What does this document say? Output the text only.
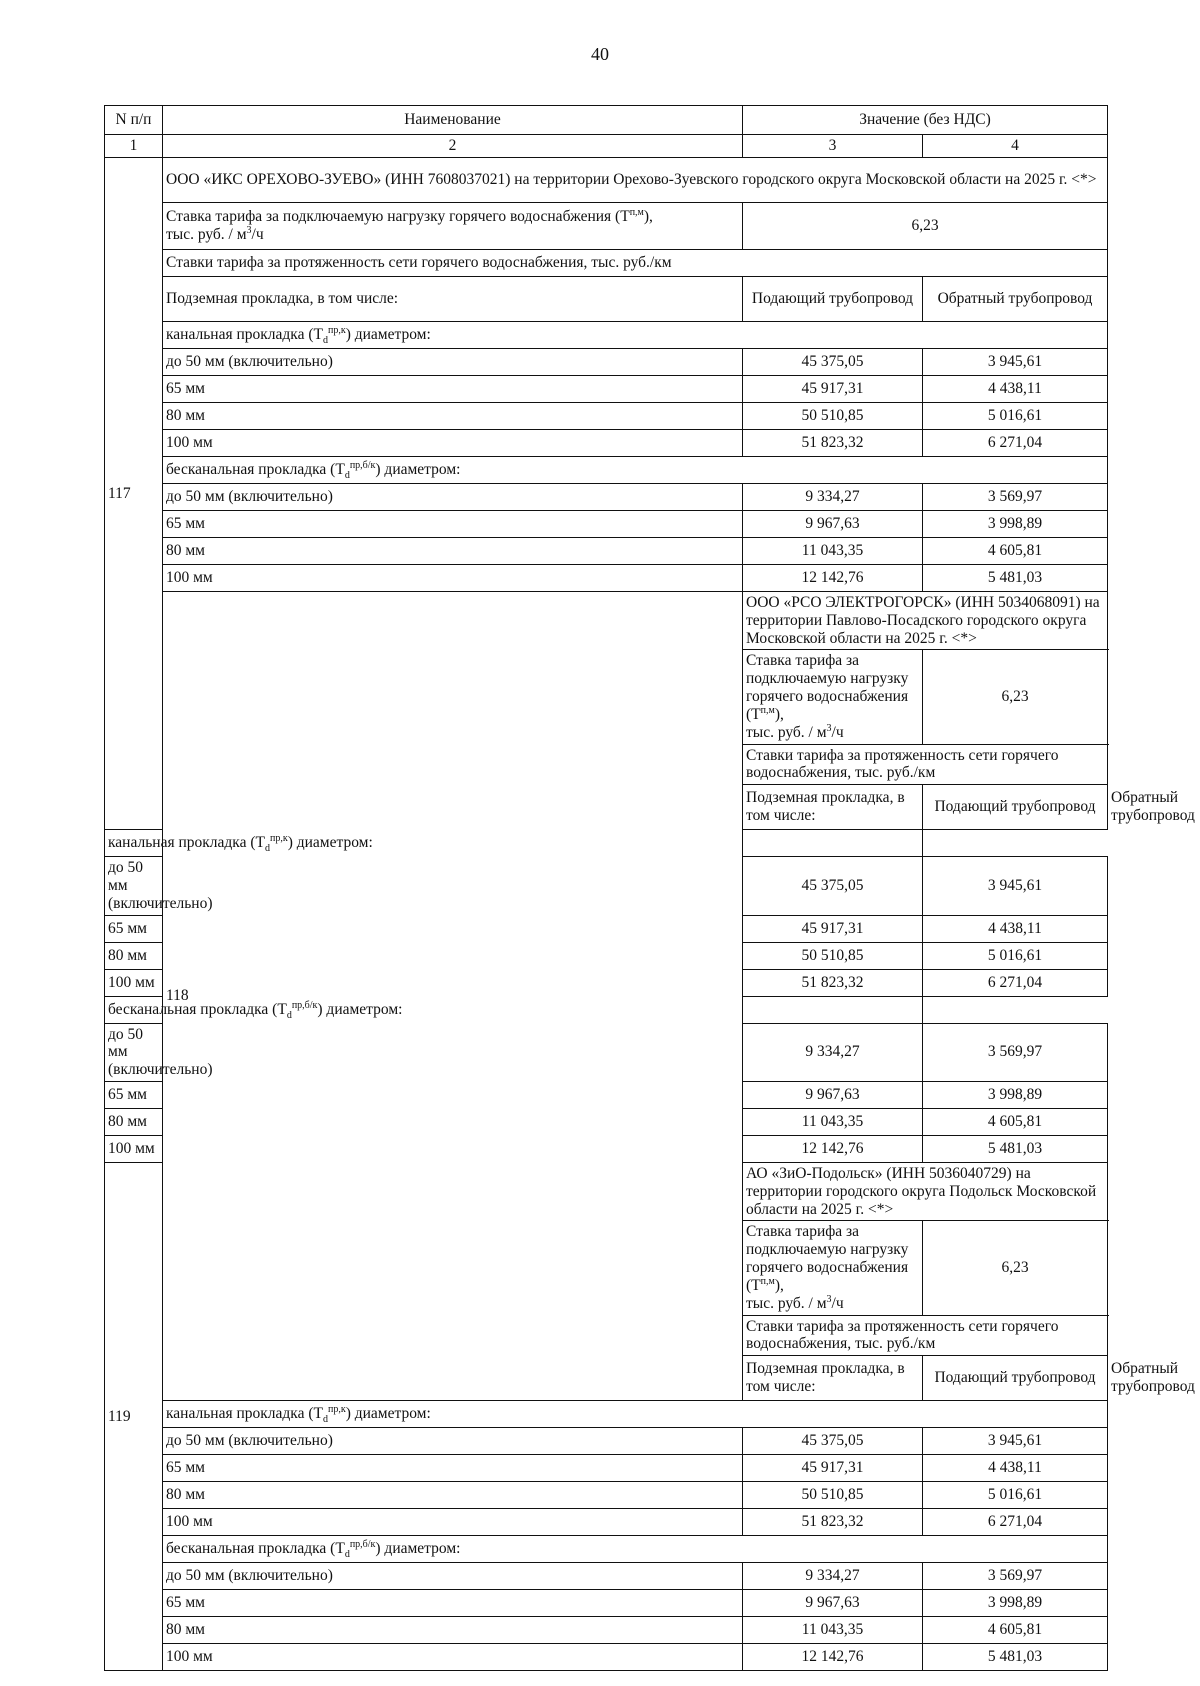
40
N п/п	Наименование	Значение (без НДС)		
1	2	3	4	
117	ООО «ИКС ОРЕХОВО-ЗУЕВО» (ИНН 7608037021) на территории Орехово-Зуевского городского округа Московской области на 2025 г. <*>			
	Ставка тарифа за подключаемую нагрузку горячего водоснабжения $(Т^{п,м})$,
тыс. руб. / $м^3/ч$	6,23		
	Ставки тарифа за протяженность сети горячего водоснабжения, тыс. руб./км			
	Подземная прокладка, в том числе:	Подающий трубопровод	Обратный трубопровод	
	канальная прокладка $(T_d^{пр,к})$ диаметром:			
	до 50 мм (включительно)	45 375,05	3 945,61	
	65 мм	45 917,31	4 438,11	
	80 мм	50 510,85	5 016,61	
	100 мм	51 823,32	6 271,04	
	бесканальная прокладка $(T_d^{пр,б/к})$ диаметром:			
	до 50 мм (включительно)	9 334,27	3 569,97	
	65 мм	9 967,63	3 998,89	
	80 мм	11 043,35	4 605,81	
	100 мм	12 142,76	5 481,03	
	118	ООО «РСО ЭЛЕКТРОГОРСК» (ИНН 5034068091) на территории Павлово-Посадского городского округа Московской области на 2025 г. <*>		
		Ставка тарифа за подключаемую нагрузку горячего водоснабжения $(Т^{п,м})$,
тыс. руб. / $м^3/ч$	6,23	
		Ставки тарифа за протяженность сети горячего водоснабжения, тыс. руб./км		
		Подземная прокладка, в том числе:	Подающий трубопровод	Обратный трубопровод
канальная прокладка $(T_d^{пр,к})$ диаметром:				
до 50 мм (включительно)		45 375,05	3 945,61	
65 мм		45 917,31	4 438,11	
80 мм		50 510,85	5 016,61	
100 мм		51 823,32	6 271,04	
бесканальная прокладка $(T_d^{пр,б/к})$ диаметром:				
до 50 мм (включительно)		9 334,27	3 569,97	
65 мм		9 967,63	3 998,89	
80 мм		11 043,35	4 605,81	
100 мм		12 142,76	5 481,03	
119		АО «ЗиО-Подольск» (ИНН 5036040729) на территории городского округа Подольск Московской области на 2025 г. <*>		
		Ставка тарифа за подключаемую нагрузку горячего водоснабжения $(Т^{п,м})$,
тыс. руб. / $м^3/ч$	6,23	
		Ставки тарифа за протяженность сети горячего водоснабжения, тыс. руб./км		
		Подземная прокладка, в том числе:	Подающий трубопровод	Обратный трубопровод
	канальная прокладка $(T_d^{пр,к})$ диаметром:			
	до 50 мм (включительно)	45 375,05	3 945,61	
	65 мм	45 917,31	4 438,11	
	80 мм	50 510,85	5 016,61	
	100 мм	51 823,32	6 271,04	
	бесканальная прокладка $(T_d^{пр,б/к})$ диаметром:			
	до 50 мм (включительно)	9 334,27	3 569,97	
	65 мм	9 967,63	3 998,89	
	80 мм	11 043,35	4 605,81	
	100 мм	12 142,76	5 481,03	
